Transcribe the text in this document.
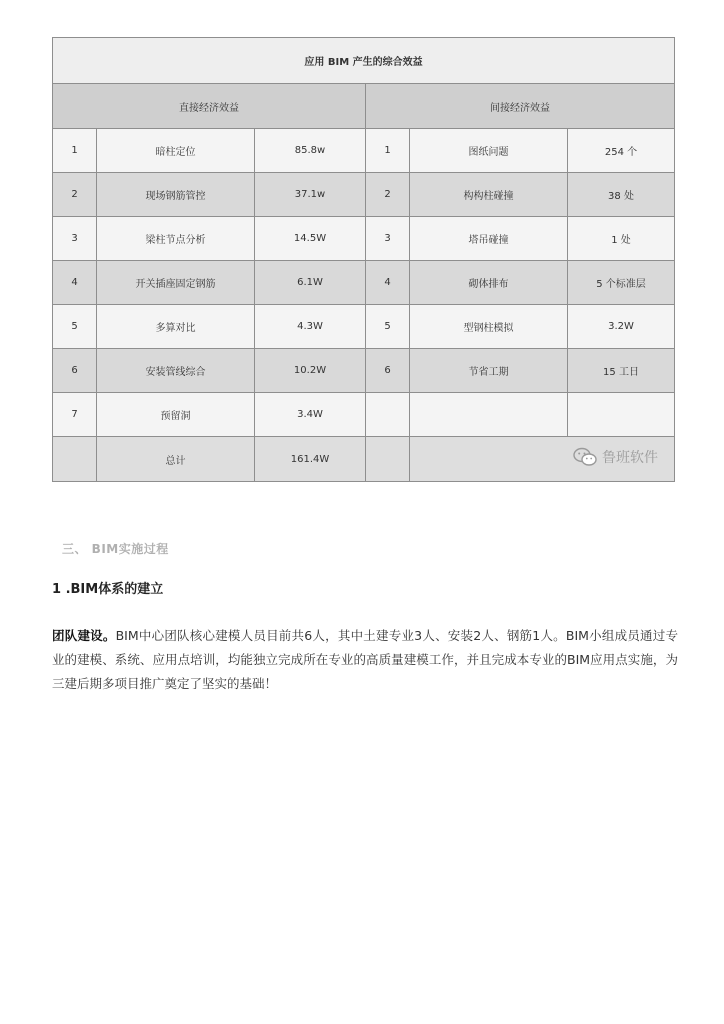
应用 BIM 产生的综合效益					
直接经济效益			间接经济效益		
1	暗柱定位	85.8w	1	图纸问题	254 个
2	现场钢筋管控	37.1w	2	构构柱碰撞	38 处
3	梁柱节点分析	14.5W	3	塔吊碰撞	1 处
4	开关插座固定钢筋	6.1W	4	砌体排布	5 个标准层
5	多算对比	4.3W	5	型钢柱模拟	3.2W
6	安装管线综合	10.2W	6	节省工期	15 工日
7	预留洞	3.4W			
	总计	161.4W		鲁班软件	
三、 BIM实施过程
1 .BIM体系的建立
团队建设。BIM中心团队核心建模人员目前共6人，其中土建专业3人、安装2人、钢筋1人。BIM小组成员通过专业的建模、系统、应用点培训，均能独立完成所在专业的高质量建模工作，并且完成本专业的BIM应用点实施，为三建后期多项目推广奠定了坚实的基础！
